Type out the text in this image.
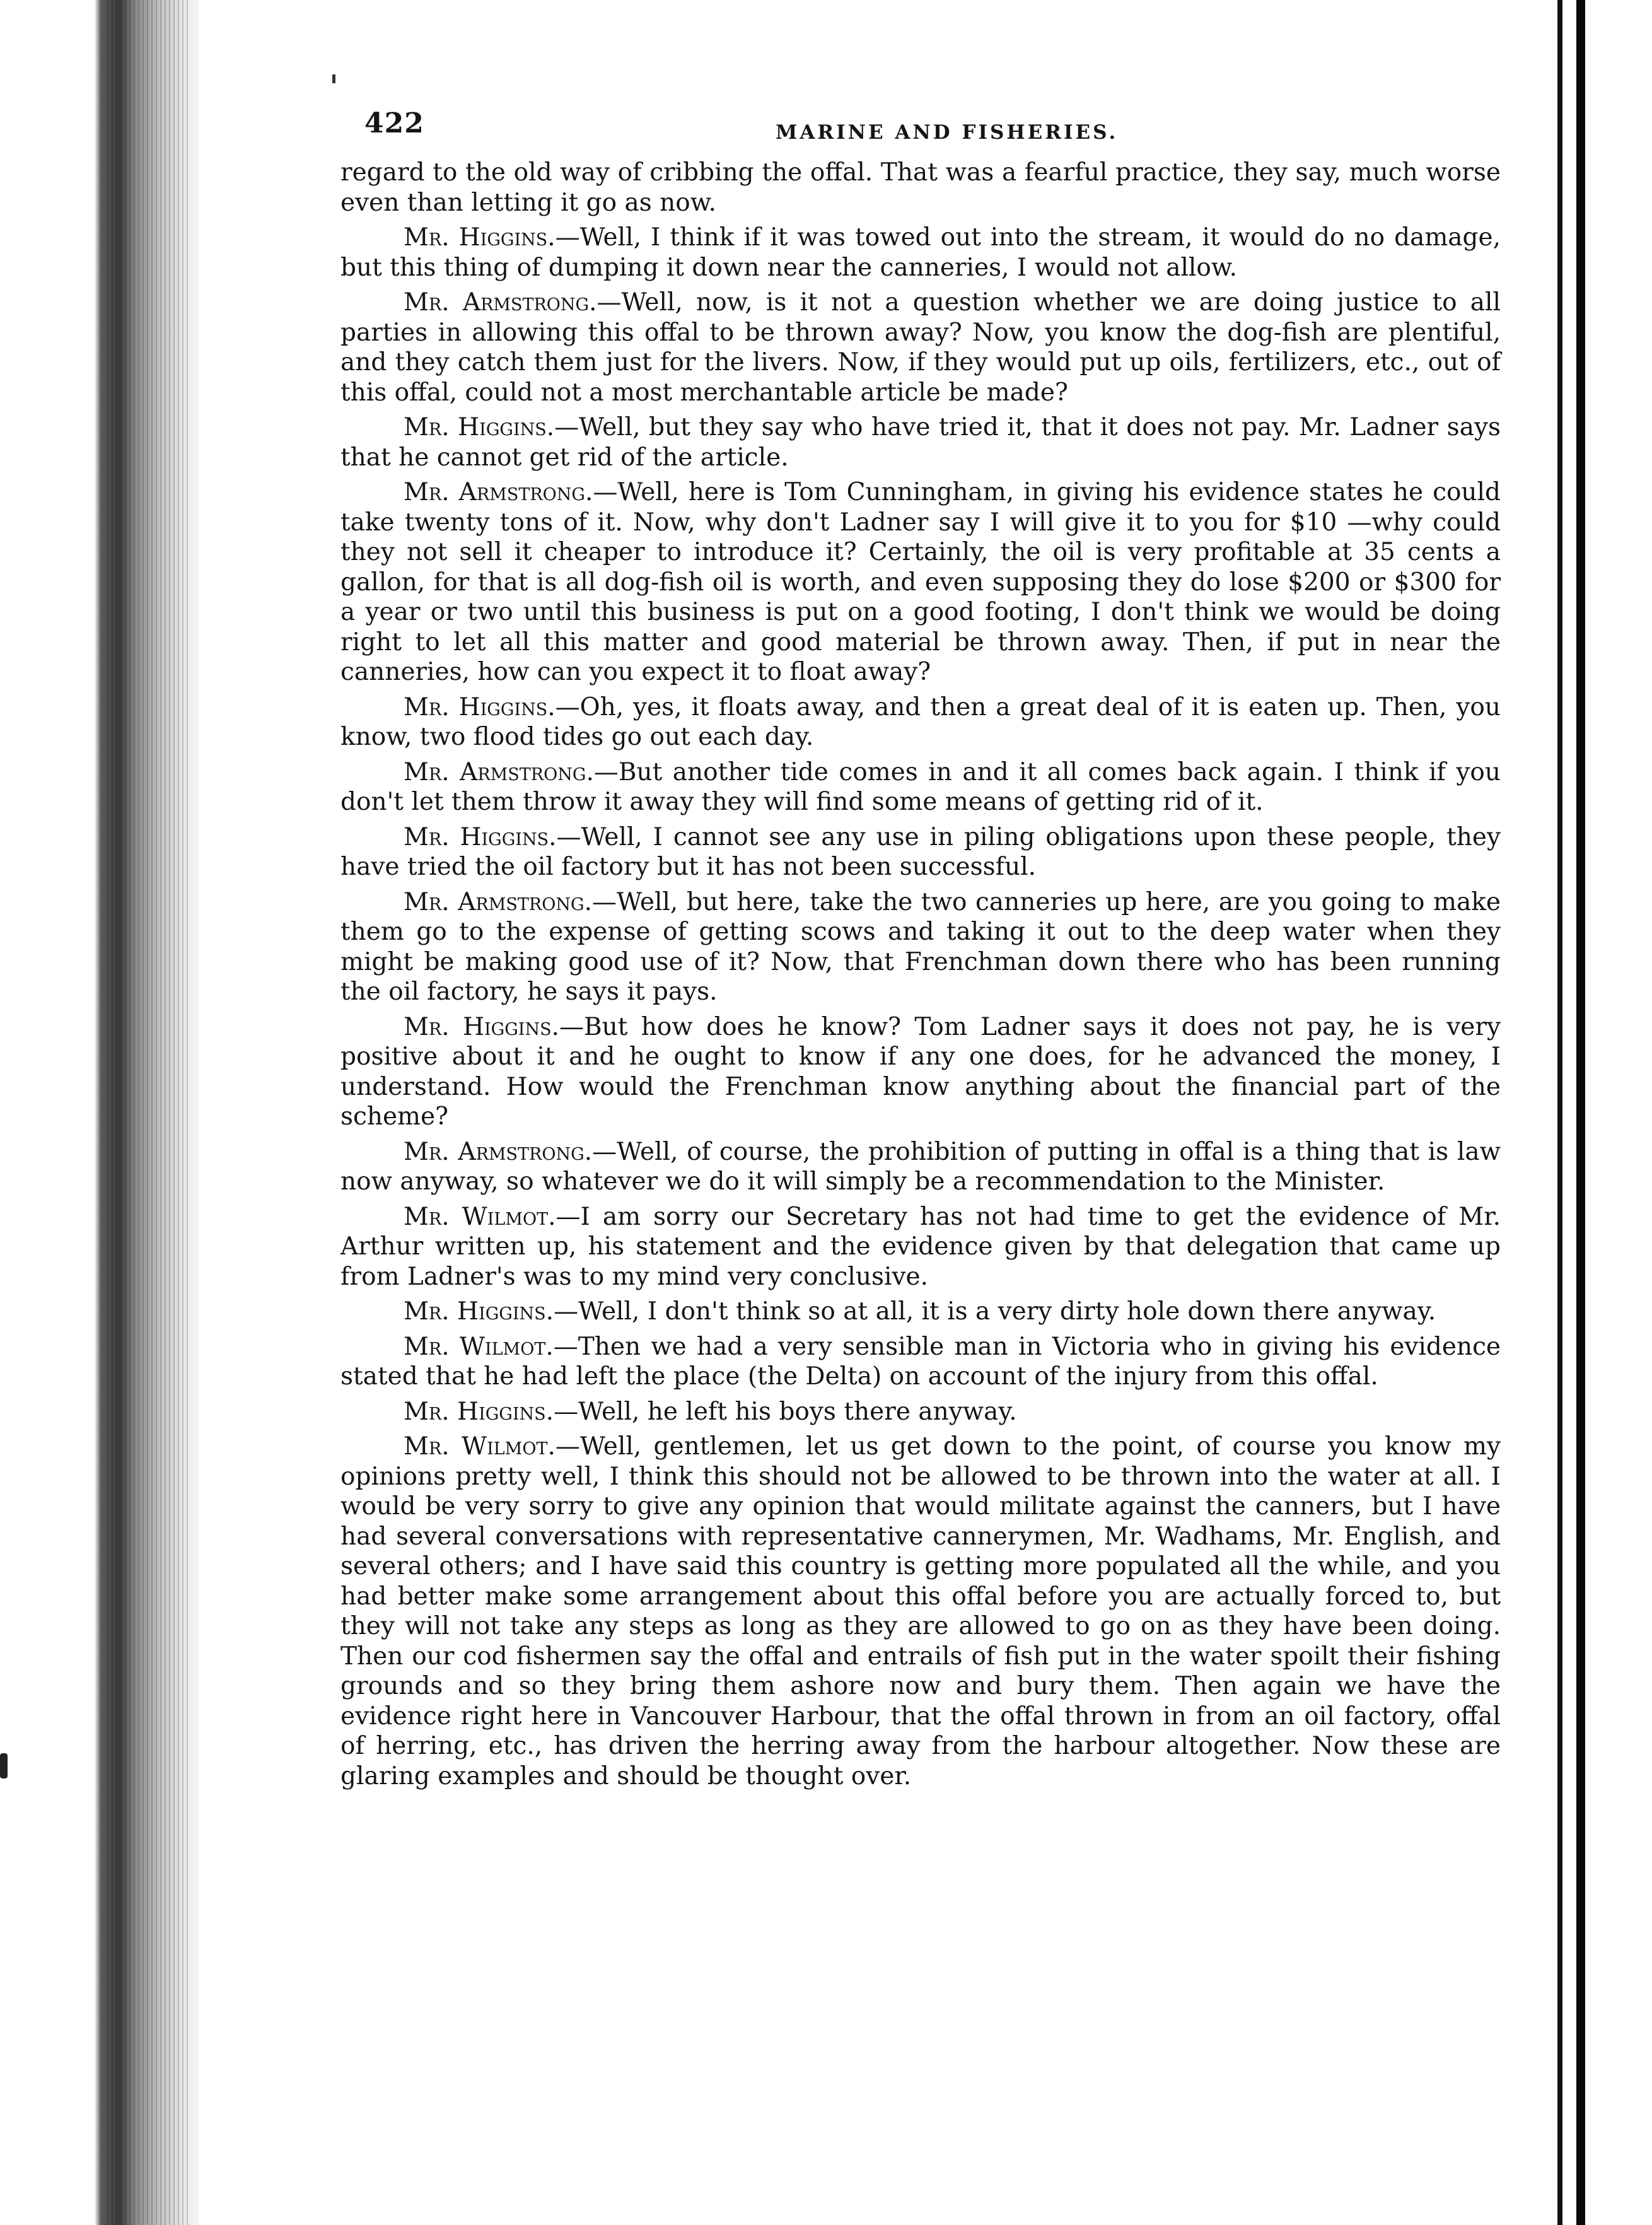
422	MARINE AND FISHERIES.

regard to the old way of cribbing the offal. That was a fearful practice, they say, much worse even than letting it go as now.

Mr. Higgins.—Well, I think if it was towed out into the stream, it would do no damage, but this thing of dumping it down near the canneries, I would not allow.

Mr. Armstrong.—Well, now, is it not a question whether we are doing justice to all parties in allowing this offal to be thrown away? Now, you know the dog-fish are plentiful, and they catch them just for the livers. Now, if they would put up oils, fertilizers, etc., out of this offal, could not a most merchantable article be made?

Mr. Higgins.—Well, but they say who have tried it, that it does not pay. Mr. Ladner says that he cannot get rid of the article.

Mr. Armstrong.—Well, here is Tom Cunningham, in giving his evidence states he could take twenty tons of it. Now, why don't Ladner say I will give it to you for $10 —why could they not sell it cheaper to introduce it? Certainly, the oil is very profitable at 35 cents a gallon, for that is all dog-fish oil is worth, and even supposing they do lose $200 or $300 for a year or two until this business is put on a good footing, I don't think we would be doing right to let all this matter and good material be thrown away. Then, if put in near the canneries, how can you expect it to float away?

Mr. Higgins.—Oh, yes, it floats away, and then a great deal of it is eaten up. Then, you know, two flood tides go out each day.

Mr. Armstrong.—But another tide comes in and it all comes back again. I think if you don't let them throw it away they will find some means of getting rid of it.

Mr. Higgins.—Well, I cannot see any use in piling obligations upon these people, they have tried the oil factory but it has not been successful.

Mr. Armstrong.—Well, but here, take the two canneries up here, are you going to make them go to the expense of getting scows and taking it out to the deep water when they might be making good use of it? Now, that Frenchman down there who has been running the oil factory, he says it pays.

Mr. Higgins.—But how does he know? Tom Ladner says it does not pay, he is very positive about it and he ought to know if any one does, for he advanced the money, I understand. How would the Frenchman know anything about the financial part of the scheme?

Mr. Armstrong.—Well, of course, the prohibition of putting in offal is a thing that is law now anyway, so whatever we do it will simply be a recommendation to the Minister.

Mr. Wilmot.—I am sorry our Secretary has not had time to get the evidence of Mr. Arthur written up, his statement and the evidence given by that delegation that came up from Ladner's was to my mind very conclusive.

Mr. Higgins.—Well, I don't think so at all, it is a very dirty hole down there anyway.

Mr. Wilmot.—Then we had a very sensible man in Victoria who in giving his evidence stated that he had left the place (the Delta) on account of the injury from this offal.

Mr. Higgins.—Well, he left his boys there anyway.

Mr. Wilmot.—Well, gentlemen, let us get down to the point, of course you know my opinions pretty well, I think this should not be allowed to be thrown into the water at all. I would be very sorry to give any opinion that would militate against the canners, but I have had several conversations with representative cannerymen, Mr. Wadhams, Mr. English, and several others; and I have said this country is getting more populated all the while, and you had better make some arrangement about this offal before you are actually forced to, but they will not take any steps as long as they are allowed to go on as they have been doing. Then our cod fishermen say the offal and entrails of fish put in the water spoilt their fishing grounds and so they bring them ashore now and bury them. Then again we have the evidence right here in Vancouver Harbour, that the offal thrown in from an oil factory, offal of herring, etc., has driven the herring away from the harbour altogether. Now these are glaring examples and should be thought over.
